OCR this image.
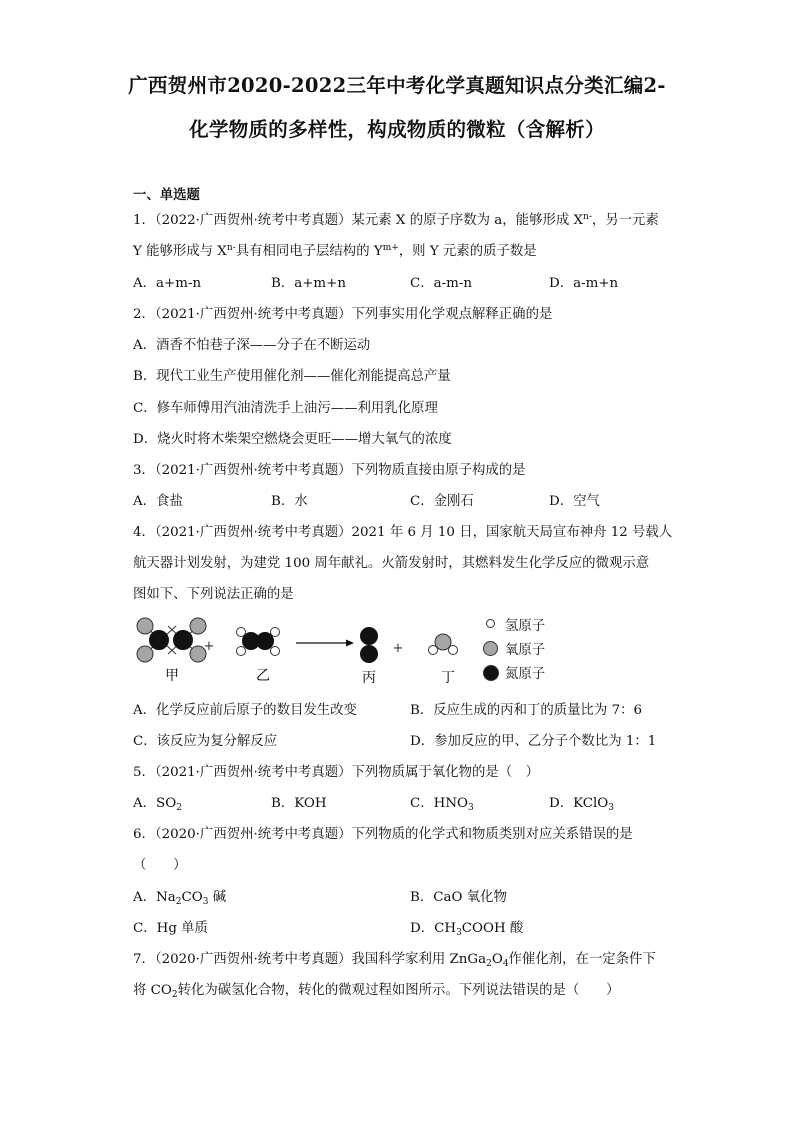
广西贺州市2020-2022三年中考化学真题知识点分类汇编2-
化学物质的多样性，构成物质的微粒（含解析）
一、单选题
1．（2022·广西贺州·统考中考真题）某元素 X 的原子序数为 a，能够形成 $X^{n-}$，另一元素
Y 能够形成与 $X^{n-}$具有相同电子层结构的 $Y^{m+}$，则 Y 元素的质子数是
A．a+m-n	B．a+m+n	C．a-m-n	D．a-m+n
2．（2021·广西贺州·统考中考真题）下列事实用化学观点解释正确的是
A．酒香不怕巷子深——分子在不断运动
B．现代工业生产使用催化剂——催化剂能提高总产量
C．修车师傅用汽油清洗手上油污——利用乳化原理
D．烧火时将木柴架空燃烧会更旺——增大氧气的浓度
3．（2021·广西贺州·统考中考真题）下列物质直接由原子构成的是
A．食盐	B．水	C．金刚石	D．空气
4．（2021·广西贺州·统考中考真题）2021 年 6 月 10 日，国家航天局宣布神舟 12 号载人
航天器计划发射，为建党 100 周年献礼。火箭发射时，其燃料发生化学反应的微观示意
图如下、下列说法正确的是
甲
+
乙	丙
+
丁
氢原子
氧原子
氮原子
A．化学反应前后原子的数目发生改变	B．反应生成的丙和丁的质量比为 7：6
C．该反应为复分解反应	D．参加反应的甲、乙分子个数比为 1：1
5．（2021·广西贺州·统考中考真题）下列物质属于氧化物的是（　）
A．$SO_2$	B．KOH	C．$HNO_3$	D．KClO$_3$
6．（2020·广西贺州·统考中考真题）下列物质的化学式和物质类别对应关系错误的是
（　　）
A．$Na_2CO_3$ 碱	B．CaO 氧化物
C．Hg 单质	D．$CH_3COOH$ 酸
7．（2020·广西贺州·统考中考真题）我国科学家利用 $ZnGa_2O_4$作催化剂，在一定条件下
将 $CO_2$转化为碳氢化合物，转化的微观过程如图所示。下列说法错误的是（　　）
